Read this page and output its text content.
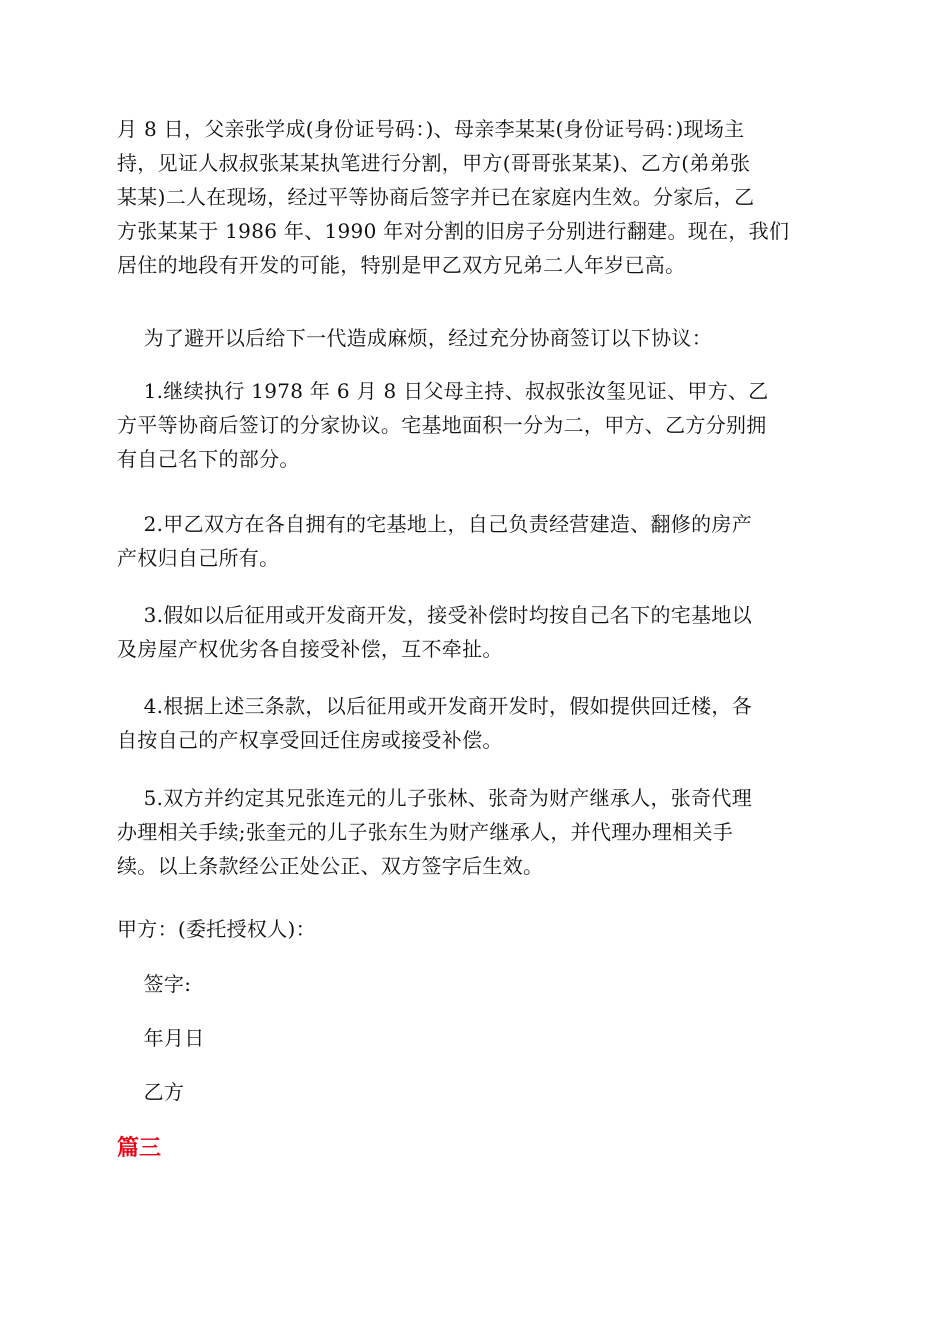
月 8 日，父亲张学成(身份证号码：)、母亲李某某(身份证号码：)现场主
持，见证人叔叔张某某执笔进行分割，甲方(哥哥张某某)、乙方(弟弟张
某某)二人在现场，经过平等协商后签字并已在家庭内生效。分家后，乙
方张某某于 1986 年、1990 年对分割的旧房子分别进行翻建。现在，我们
居住的地段有开发的可能，特别是甲乙双方兄弟二人年岁已高。
为了避开以后给下一代造成麻烦，经过充分协商签订以下协议：
1.继续执行 1978 年 6 月 8 日父母主持、叔叔张汝玺见证、甲方、乙
方平等协商后签订的分家协议。宅基地面积一分为二，甲方、乙方分别拥
有自己名下的部分。
2.甲乙双方在各自拥有的宅基地上，自己负责经营建造、翻修的房产
产权归自己所有。
3.假如以后征用或开发商开发，接受补偿时均按自己名下的宅基地以
及房屋产权优劣各自接受补偿，互不牵扯。
4.根据上述三条款，以后征用或开发商开发时，假如提供回迁楼，各
自按自己的产权享受回迁住房或接受补偿。
5.双方并约定其兄张连元的儿子张林、张奇为财产继承人，张奇代理
办理相关手续;张奎元的儿子张东生为财产继承人，并代理办理相关手
续。以上条款经公正处公正、双方签字后生效。
甲方：(委托授权人)：
签字:
年月日
乙方
篇三
